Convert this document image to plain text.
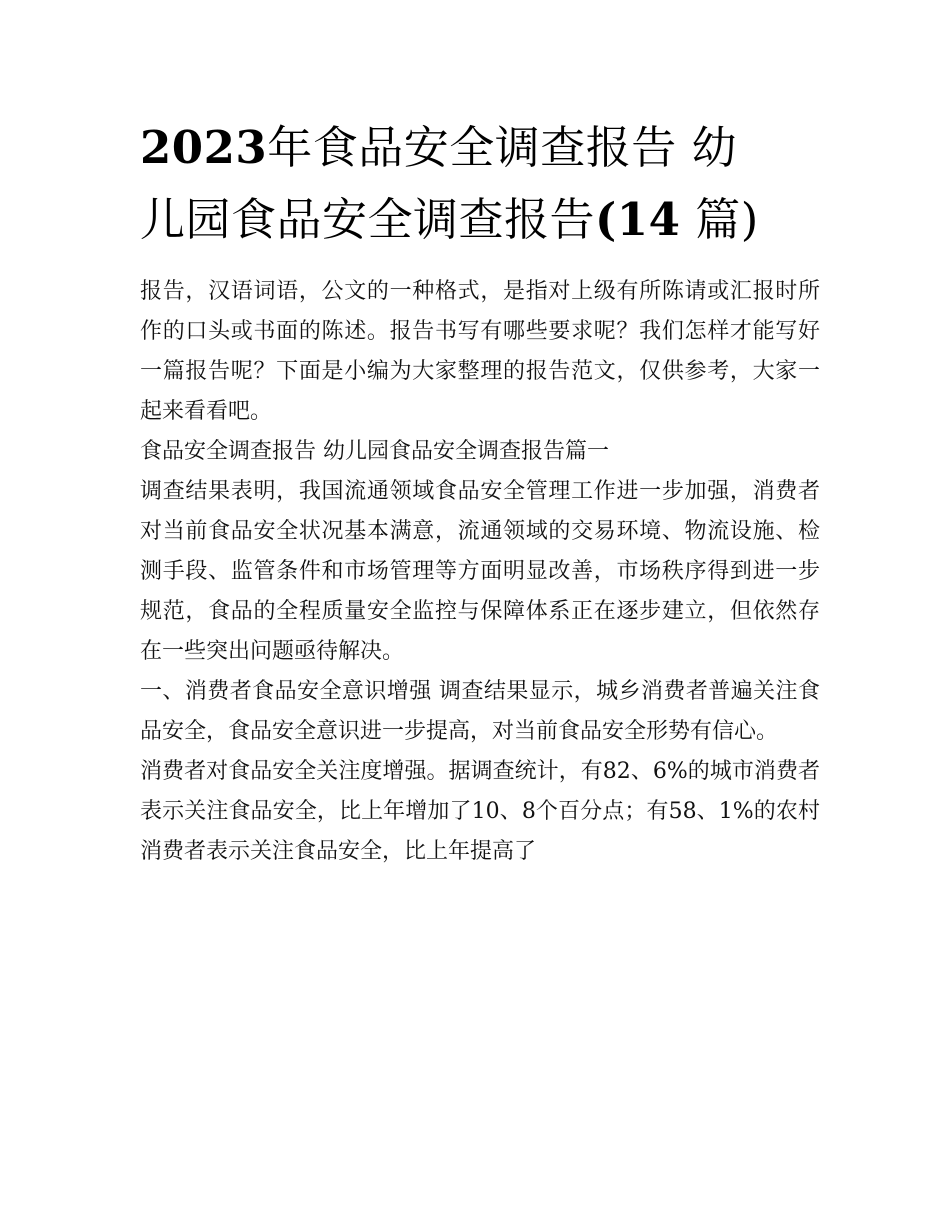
2023年食品安全调查报告 幼
儿园食品安全调查报告(14 篇)

报告，汉语词语，公文的一种格式，是指对上级有所陈请或汇报时所作的口头或书面的陈述。报告书写有哪些要求呢？我们怎样才能写好一篇报告呢？下面是小编为大家整理的报告范文，仅供参考，大家一起来看看吧。

食品安全调查报告 幼儿园食品安全调查报告篇一

调查结果表明，我国流通领域食品安全管理工作进一步加强，消费者对当前食品安全状况基本满意，流通领域的交易环境、物流设施、检测手段、监管条件和市场管理等方面明显改善，市场秩序得到进一步规范，食品的全程质量安全监控与保障体系正在逐步建立，但依然存在一些突出问题亟待解决。

一、消费者食品安全意识增强 调查结果显示，城乡消费者普遍关注食品安全，食品安全意识进一步提高，对当前食品安全形势有信心。

消费者对食品安全关注度增强。据调查统计，有82、6%的城市消费者表示关注食品安全，比上年增加了10、8个百分点；有58、1%的农村消费者表示关注食品安全，比上年提高了
